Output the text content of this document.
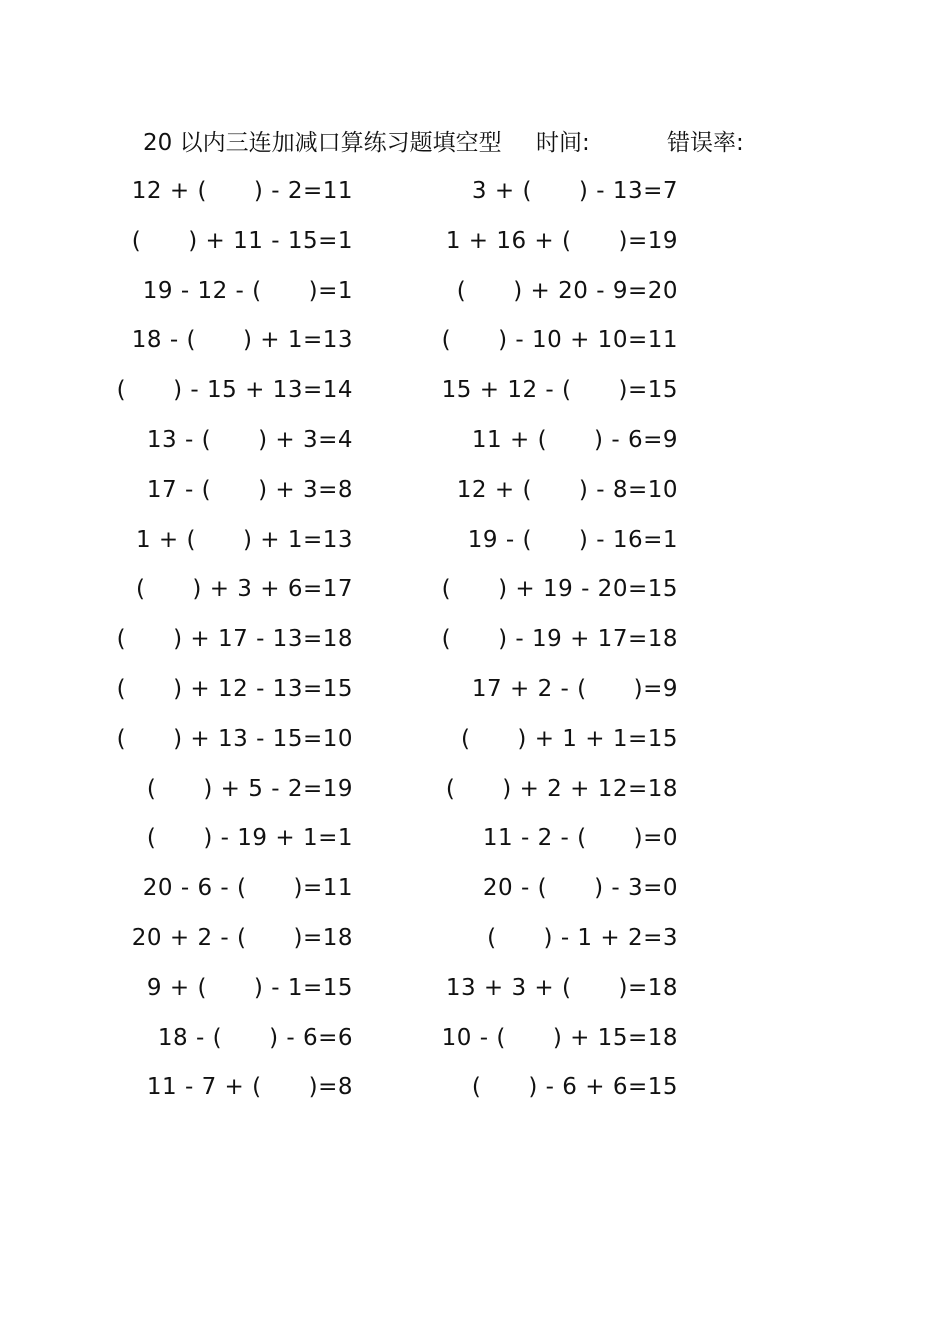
20 以内三连加减口算练习题填空型 时间:	错误率:
12 + (　　) - 2=11	3 + (　　) - 13=7
(　　) + 11 - 15=1	1 + 16 + (　　)=19
19 - 12 - (　　)=1	(　　) + 20 - 9=20
18 - (　　) + 1=13	(　　) - 10 + 10=11
(　　) - 15 + 13=14	15 + 12 - (　　)=15
13 - (　　) + 3=4	11 + (　　) - 6=9
17 - (　　) + 3=8	12 + (　　) - 8=10
1 + (　　) + 1=13	19 - (　　) - 16=1
(　　) + 3 + 6=17	(　　) + 19 - 20=15
(　　) + 17 - 13=18	(　　) - 19 + 17=18
(　　) + 12 - 13=15	17 + 2 - (　　)=9
(　　) + 13 - 15=10	(　　) + 1 + 1=15
(　　) + 5 - 2=19	(　　) + 2 + 12=18
(　　) - 19 + 1=1	11 - 2 - (　　)=0
20 - 6 - (　　)=11	20 - (　　) - 3=0
20 + 2 - (　　)=18	(　　) - 1 + 2=3
9 + (　　) - 1=15	13 + 3 + (　　)=18
18 - (　　) - 6=6	10 - (　　) + 15=18
11 - 7 + (　　)=8	(　　) - 6 + 6=15
